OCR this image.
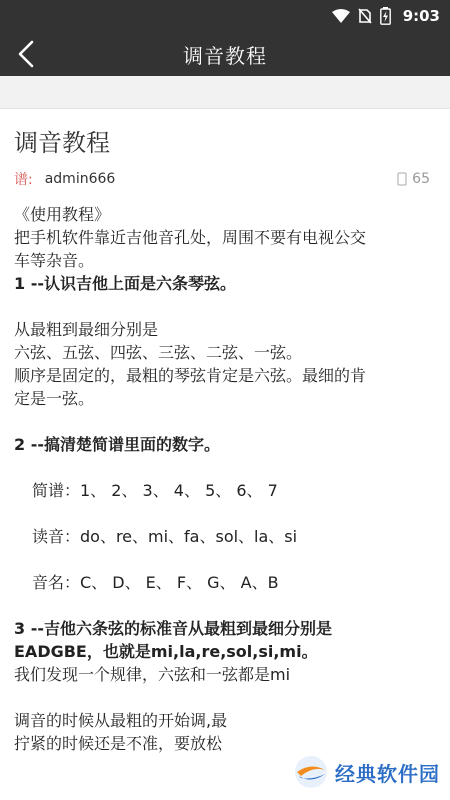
9:03
调音教程
调音教程
谱: admin666	65

《使用教程》

把手机软件靠近吉他音孔处，周围不要有电视公交

车等杂音。

1 --认识吉他上面是六条琴弦。

从最粗到最细分别是

六弦、五弦、四弦、三弦、二弦、一弦。

顺序是固定的，最粗的琴弦肯定是六弦。最细的肯

定是一弦。

2 --搞清楚简谱里面的数字。

简谱：1、 2、 3、 4、 5、 6、 7

读音：do、re、mi、fa、sol、la、si

音名：C、 D、 E、 F、 G、 A、B

3 --吉他六条弦的标准音从最粗到最细分别是

EADGBE，也就是mi,la,re,sol,si,mi。

我们发现一个规律，六弦和一弦都是mi

调音的时候从最粗的开始调,最

拧紧的时候还是不准，要放松

经典软件园
